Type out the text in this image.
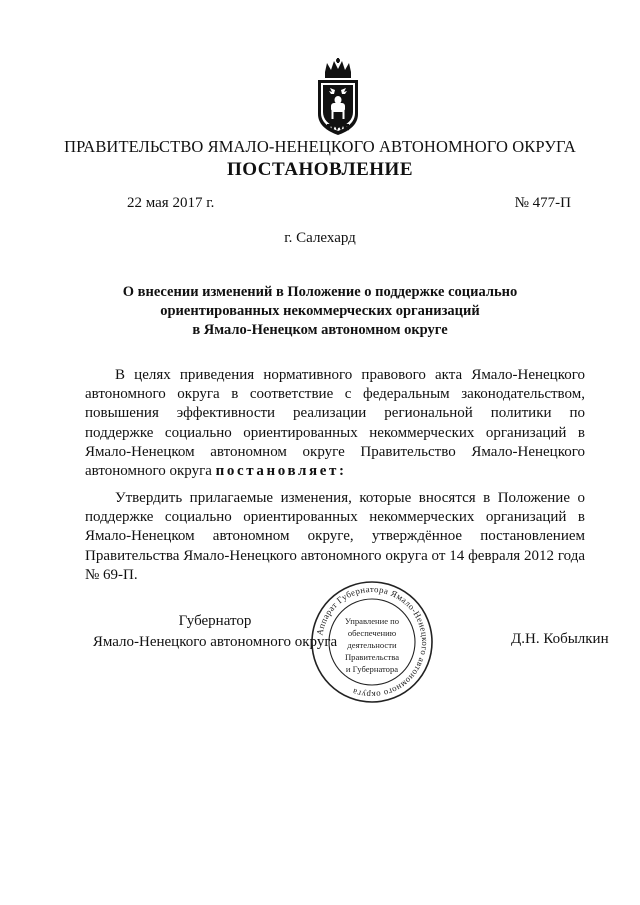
ПРАВИТЕЛЬСТВО ЯМАЛО-НЕНЕЦКОГО АВТОНОМНОГО ОКРУГА
ПОСТАНОВЛЕНИЕ
22 мая 2017 г.	№ 477-П
г. Салехард
О внесении изменений в Положение о поддержке социально
ориентированных некоммерческих организаций
в Ямало-Ненецком автономном округе
В целях приведения нормативного правового акта Ямало-Ненецкого автономного округа в соответствие с федеральным законодательством, повышения эффективности реализации региональной политики по поддержке социально ориентированных некоммерческих организаций в Ямало-Ненецком автономном округе Правительство Ямало-Ненецкого автономного округа постановляет:
Утвердить прилагаемые изменения, которые вносятся в Положение о поддержке социально ориентированных некоммерческих организаций в Ямало-Ненецком автономном округе, утверждённое постановлением Правительства Ямало-Ненецкого автономного округа от 14 февраля 2012 года № 69-П.
Губернатор
Ямало-Ненецкого автономного округа	Д.Н. Кобылкин
Аппарат Губернатора Ямало-Ненецкого автономного округа
Управление по
обеспечению
деятельности
Правительства
и Губернатора
